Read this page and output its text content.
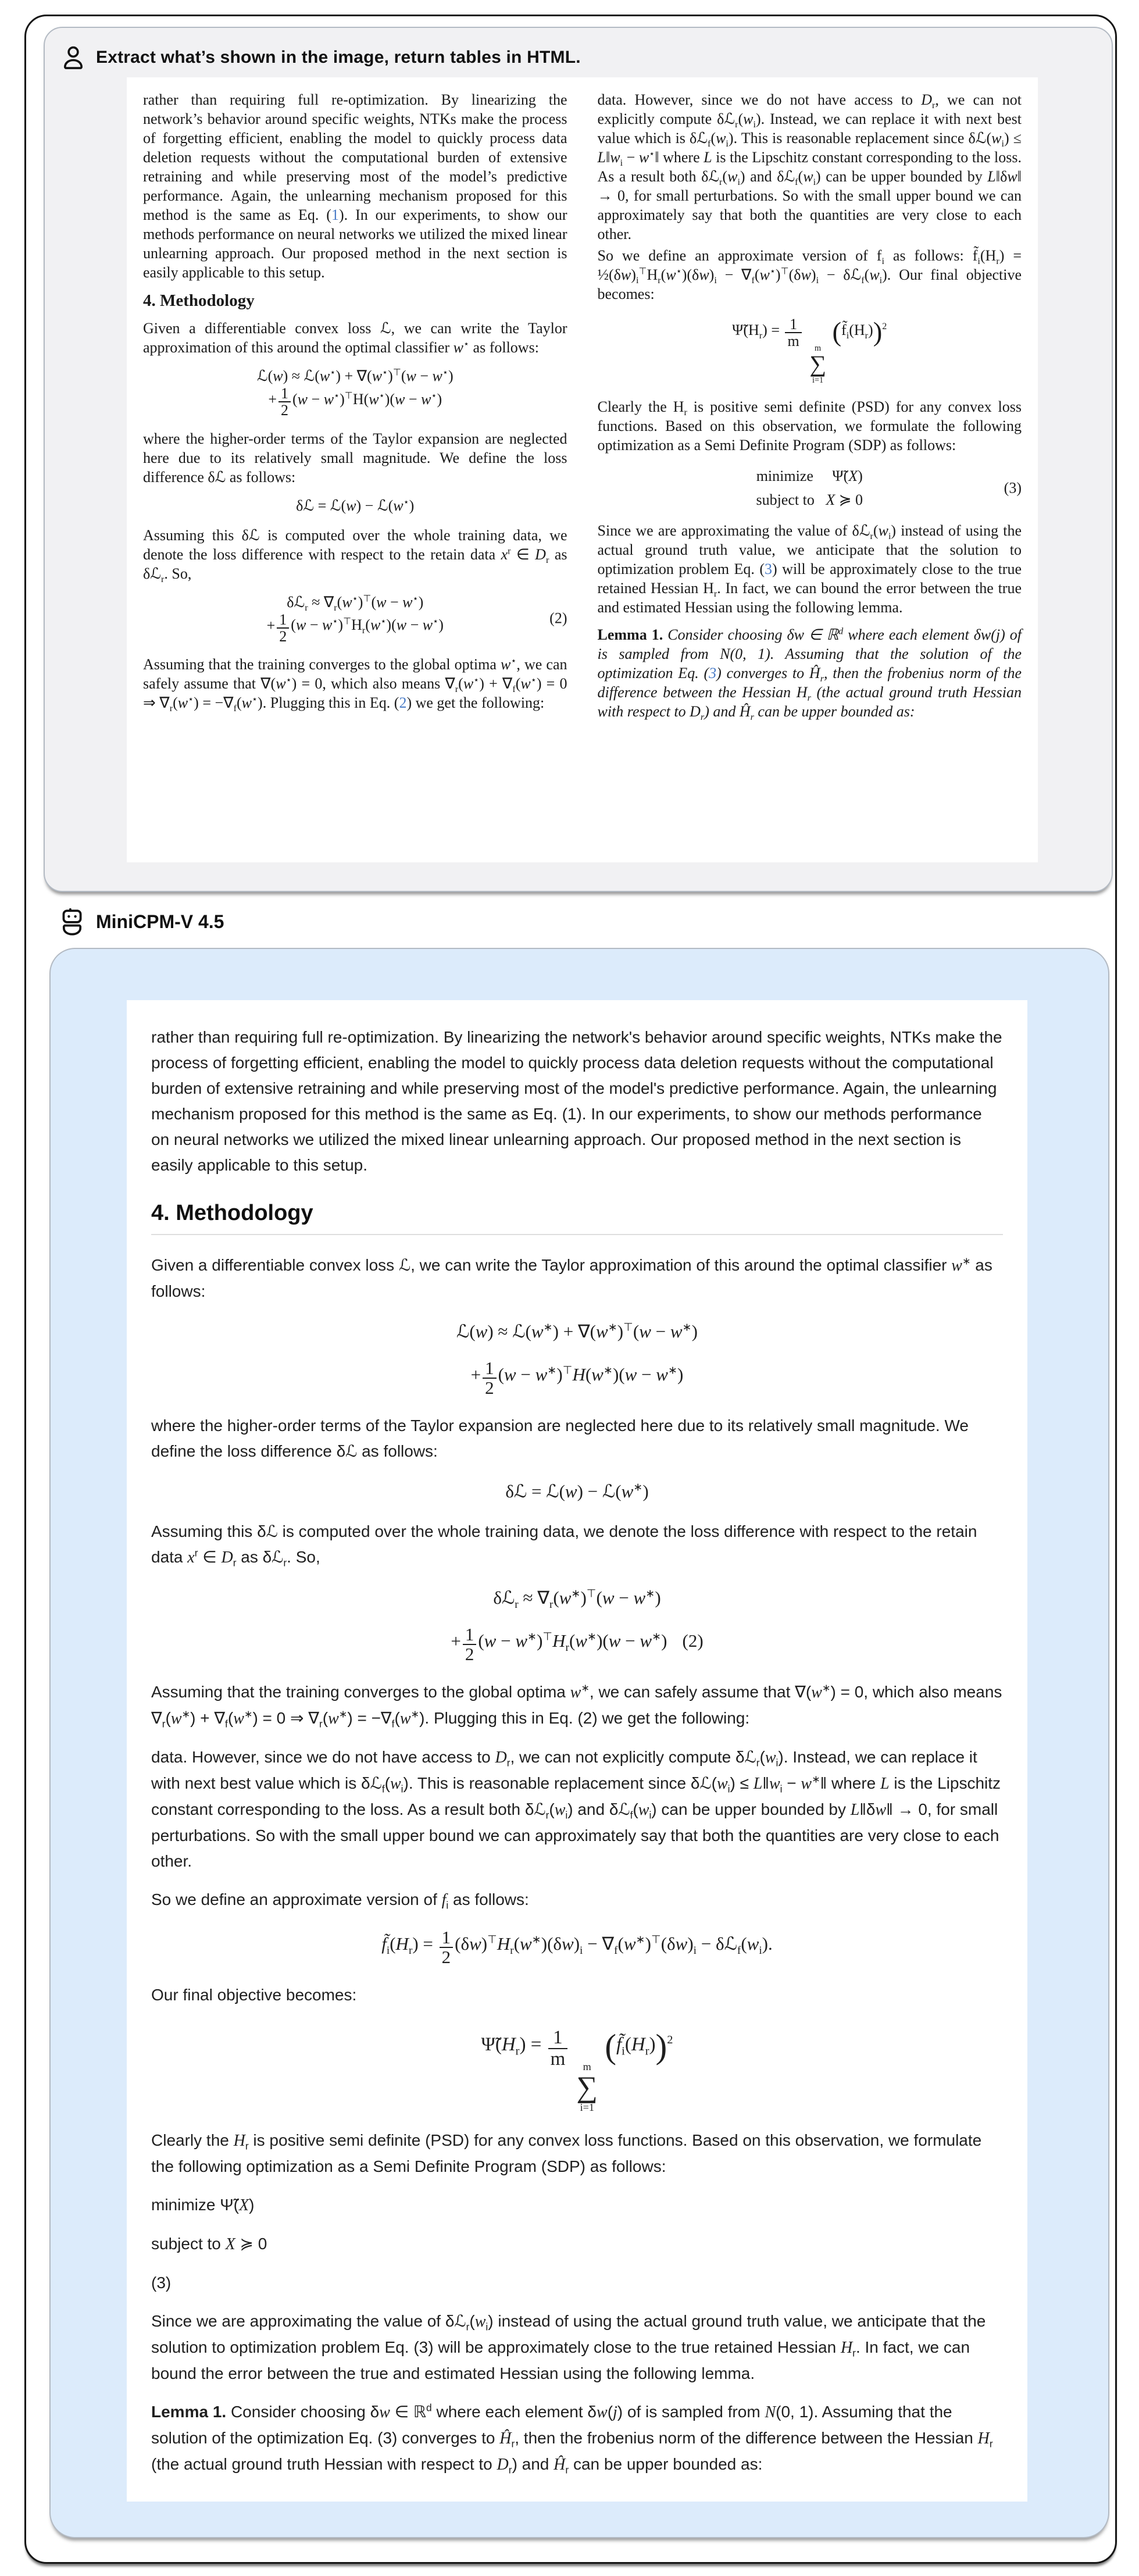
Extract what’s shown in the image, return tables in HTML.

rather than requiring full re-optimization. By linearizing the network’s behavior around specific weights, NTKs make the process of forgetting efficient, enabling the model to quickly process data deletion requests without the computational burden of extensive retraining and while preserving most of the model’s predictive performance. Again, the unlearning mechanism proposed for this method is the same as Eq. (1). In our experiments, to show our methods performance on neural networks we utilized the mixed linear unlearning approach. Our proposed method in the next section is easily applicable to this setup.

4. Methodology

Given a differentiable convex loss ℒ, we can write the Taylor approximation of this around the optimal classifier w⋆ as follows:

ℒ(w) ≈ ℒ(w⋆) + ∇(w⋆)⊤(w − w⋆)
+ $\frac{1}{2} (w - w^⋆)^⊤H(w^⋆)(w - w^⋆)$

where the higher-order terms of the Taylor expansion are neglected here due to its relatively small magnitude. We define the loss difference δℒ as follows:

δℒ = ℒ(w) − ℒ(w⋆)

Assuming this δℒ is computed over the whole training data, we denote the loss difference with respect to the retain data $x^r$ ∈ $D_r$ as δℒ$_r$. So,

δℒ$_r$ ≈ $\nabla_r(w^⋆)^⊤(w - w^⋆)$
+ $\frac{1}{2} (w - w^⋆)^⊤H_r(w^⋆)(w - w^⋆)$	(2)

Assuming that the training converges to the global optima w⋆, we can safely assume that ∇(w⋆) = 0, which also means $\nabla_r(w^⋆) + \nabla_f(w^⋆) = 0$ ⇒ $\nabla_r(w^⋆) = -\nabla_f(w^⋆)$. Plugging this in Eq. (2) we get the following:

data. However, since we do not have access to $D_r$, we can not explicitly compute $\delta ℒ_r(w_i)$. Instead, we can replace it with next best value which is $\delta ℒ_f(w_i)$. This is reasonable replacement since $\delta ℒ(w_i)$ ≤ $L‖w_i$ − w⋆‖ where L is the Lipschitz constant corresponding to the loss. As a result both $\delta ℒ_r(w_i)$ and $\delta ℒ_f(w_i)$ can be upper bounded by L‖δw‖ → 0, for small perturbations. So with the small upper bound we can approximately say that both the quantities are very close to each other.

So we define an approximate version of $f_i$ as follows: $f̃_i(H_r)$ = $\frac{1}{2}(\delta w)_i^⊤H_r(w^⋆)(\delta w)_i - \nabla_f(w^⋆)^⊤(\delta w)_i$ − $\delta ℒ_f(w_i)$. Our final objective becomes:

$\Psĩ(H_r) = \frac{1}{m}$
m
∑
i=1
$(f̃_i(H_r))^2$

Clearly the $H_r$ is positive semi definite (PSD) for any convex loss functions. Based on this observation, we formulate the following optimization as a Semi Definite Program (SDP) as follows:

minimize  Ψ̃(X)
subject to  X ≽ 0
(3)

Since we are approximating the value of $\delta ℒ_r(w_i)$ instead of using the actual ground truth value, we anticipate that the solution to optimization problem Eq. (3) will be approximately close to the true retained Hessian $H_r$. In fact, we can bound the error between the true and estimated Hessian using the following lemma.

Lemma 1. Consider choosing δw ∈ ℝ$^d$ where each element δw(j) of is sampled from N(0, 1). Assuming that the solution of the optimization Eq. (3) converges to $Ĥ_r$, then the frobenius norm of the difference between the Hessian $H_r$ (the actual ground truth Hessian with respect to $D_r$) and $Ĥ_r$ can be upper bounded as:

MiniCPM-V 4.5

rather than requiring full re-optimization. By linearizing the network's behavior around specific weights, NTKs make the process of forgetting efficient, enabling the model to quickly process data deletion requests without the computational burden of extensive retraining and while preserving most of the model's predictive performance. Again, the unlearning mechanism proposed for this method is the same as Eq. (1). In our experiments, to show our methods performance on neural networks we utilized the mixed linear unlearning approach. Our proposed method in the next section is easily applicable to this setup.

4. Methodology

Given a differentiable convex loss ℒ, we can write the Taylor approximation of this around the optimal classifier w∗ as follows:

ℒ(w) ≈ ℒ(w∗) + ∇(w∗)⊤(w − w∗)
+ $\frac{1}{2} (w - w^∗)^⊤H(w^∗)(w - w^∗)$

where the higher-order terms of the Taylor expansion are neglected here due to its relatively small magnitude. We define the loss difference δℒ as follows:

δℒ = ℒ(w) − ℒ(w∗)

Assuming this δℒ is computed over the whole training data, we denote the loss difference with respect to the retain data $x^r$ ∈ $D_r$ as δℒ$_r$. So,

δℒ$_r$ ≈ $\nabla_r(w^∗)^⊤(w - w^∗)$
+ $\frac{1}{2} (w - w^∗)^⊤H_r(w^∗)(w - w^∗)$ (2)

Assuming that the training converges to the global optima w∗, we can safely assume that ∇(w∗) = 0, which also means $\nabla_r(w^∗) + \nabla_f(w^∗) = 0$ ⇒ $\nabla_r(w^∗) = -\nabla_f(w^∗)$. Plugging this in Eq. (2) we get the following:

data. However, since we do not have access to $D_r$, we can not explicitly compute $\delta ℒ_r(w_i)$. Instead, we can replace it with next best value which is $\delta ℒ_f(w_i)$. This is reasonable replacement since $\delta ℒ(w_i)$ ≤ $L‖w_i$ − w∗‖ where L is the Lipschitz constant corresponding to the loss. As a result both $\delta ℒ_r(w_i)$ and $\delta ℒ_f(w_i)$ can be upper bounded by L‖δw‖ → 0, for small perturbations. So with the small upper bound we can approximately say that both the quantities are very close to each other.

So we define an approximate version of $f_i$ as follows:

$f̃_i(H_r) = \frac{1}{2} (\delta w)^⊤H_r(w^∗)(\delta w)_i - \nabla_f(w^∗)^⊤(\delta w)_i$ − $\delta ℒ_f(w_i)$.

Our final objective becomes:

$\Psĩ(H_r) = \frac{1}{m}$
m
∑
i=1
$(f̃_i(H_r))^2$

Clearly the $H_r$ is positive semi definite (PSD) for any convex loss functions. Based on this observation, we formulate the following optimization as a Semi Definite Program (SDP) as follows:

minimize Ψ̃(X)

subject to X ≽ 0

(3)

Since we are approximating the value of $\delta ℒ_r(w_i)$ instead of using the actual ground truth value, we anticipate that the solution to optimization problem Eq. (3) will be approximately close to the true retained Hessian $H_r$. In fact, we can bound the error between the true and estimated Hessian using the following lemma.

Lemma 1. Consider choosing δw ∈ ℝ$^d$ where each element δw(j) of is sampled from N(0, 1). Assuming that the solution of the optimization Eq. (3) converges to $Ĥ_r$, then the frobenius norm of the difference between the Hessian $H_r$ (the actual ground truth Hessian with respect to $D_r$) and $Ĥ_r$ can be upper bounded as:
